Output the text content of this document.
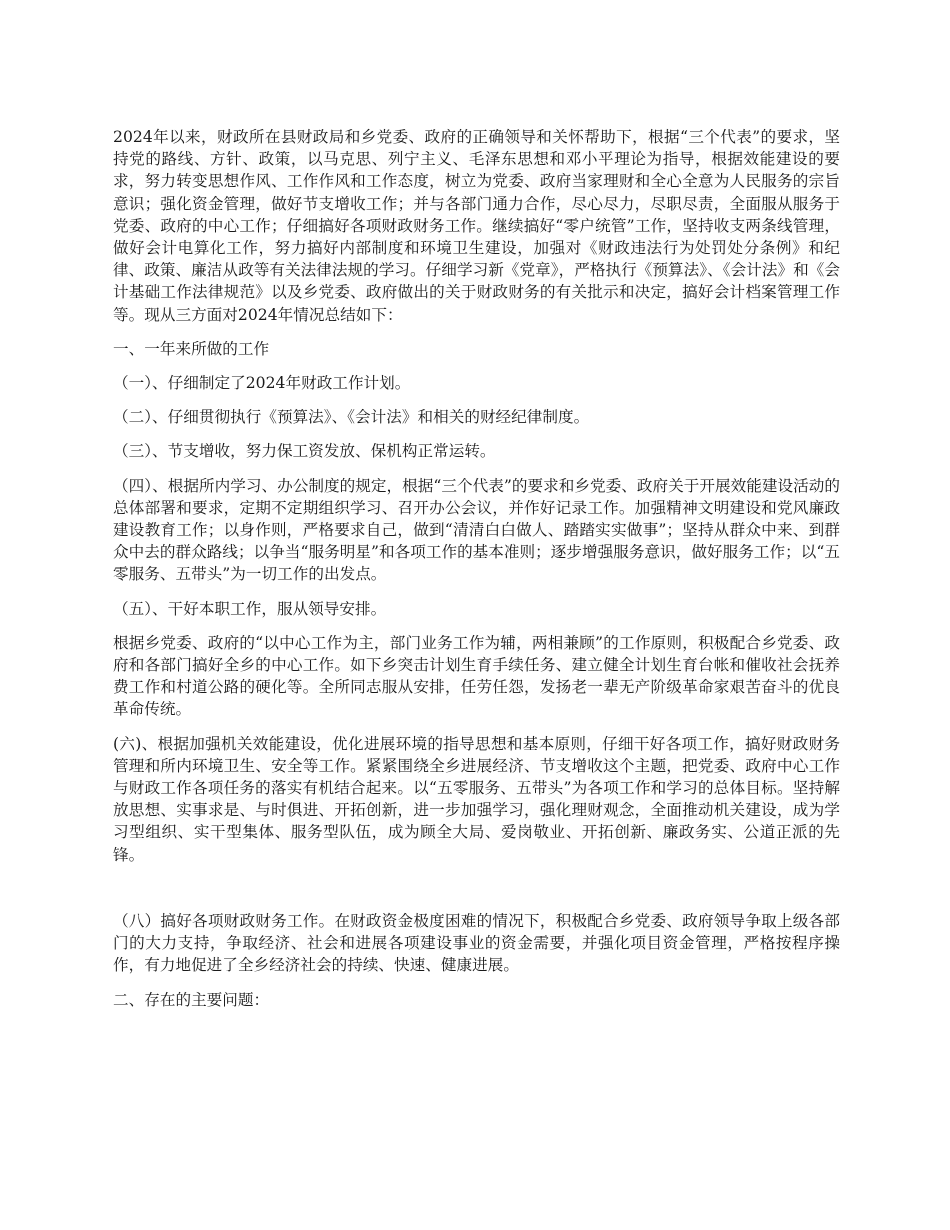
2024年以来，财政所在县财政局和乡党委、政府的正确领导和关怀帮助下，根据“三个代表”的要求，坚持党的路线、方针、政策，以马克思、列宁主义、毛泽东思想和邓小平理论为指导，根据效能建设的要求，努力转变思想作风、工作作风和工作态度，树立为党委、政府当家理财和全心全意为人民服务的宗旨意识；强化资金管理，做好节支增收工作；并与各部门通力合作，尽心尽力，尽职尽责，全面服从服务于党委、政府的中心工作；仔细搞好各项财政财务工作。继续搞好“零户统管”工作，坚持收支两条线管理，做好会计电算化工作，努力搞好内部制度和环境卫生建设，加强对《财政违法行为处罚处分条例》和纪律、政策、廉洁从政等有关法律法规的学习。仔细学习新《党章》，严格执行《预算法》、《会计法》和《会计基础工作法律规范》以及乡党委、政府做出的关于财政财务的有关批示和决定，搞好会计档案管理工作等。现从三方面对2024年情况总结如下：

一、一年来所做的工作

（一）、仔细制定了2024年财政工作计划。

（二）、仔细贯彻执行《预算法》、《会计法》和相关的财经纪律制度。

（三）、节支增收，努力保工资发放、保机构正常运转。

（四）、根据所内学习、办公制度的规定，根据“三个代表”的要求和乡党委、政府关于开展效能建设活动的总体部署和要求，定期不定期组织学习、召开办公会议，并作好记录工作。加强精神文明建设和党风廉政建设教育工作；以身作则，严格要求自己，做到“清清白白做人、踏踏实实做事”；坚持从群众中来、到群众中去的群众路线；以争当“服务明星”和各项工作的基本准则；逐步增强服务意识，做好服务工作；以“五零服务、五带头”为一切工作的出发点。

（五）、干好本职工作，服从领导安排。

根据乡党委、政府的“以中心工作为主，部门业务工作为辅，两相兼顾”的工作原则，积极配合乡党委、政府和各部门搞好全乡的中心工作。如下乡突击计划生育手续任务、建立健全计划生育台帐和催收社会抚养费工作和村道公路的硬化等。全所同志服从安排，任劳任怨，发扬老一辈无产阶级革命家艰苦奋斗的优良革命传统。

(六)、根据加强机关效能建设，优化进展环境的指导思想和基本原则，仔细干好各项工作，搞好财政财务管理和所内环境卫生、安全等工作。紧紧围绕全乡进展经济、节支增收这个主题，把党委、政府中心工作与财政工作各项任务的落实有机结合起来。以“五零服务、五带头”为各项工作和学习的总体目标。坚持解放思想、实事求是、与时俱进、开拓创新，进一步加强学习，强化理财观念，全面推动机关建设，成为学习型组织、实干型集体、服务型队伍，成为顾全大局、爱岗敬业、开拓创新、廉政务实、公道正派的先锋。

（八）搞好各项财政财务工作。在财政资金极度困难的情况下，积极配合乡党委、政府领导争取上级各部门的大力支持，争取经济、社会和进展各项建设事业的资金需要，并强化项目资金管理，严格按程序操作，有力地促进了全乡经济社会的持续、快速、健康进展。

二、存在的主要问题：
